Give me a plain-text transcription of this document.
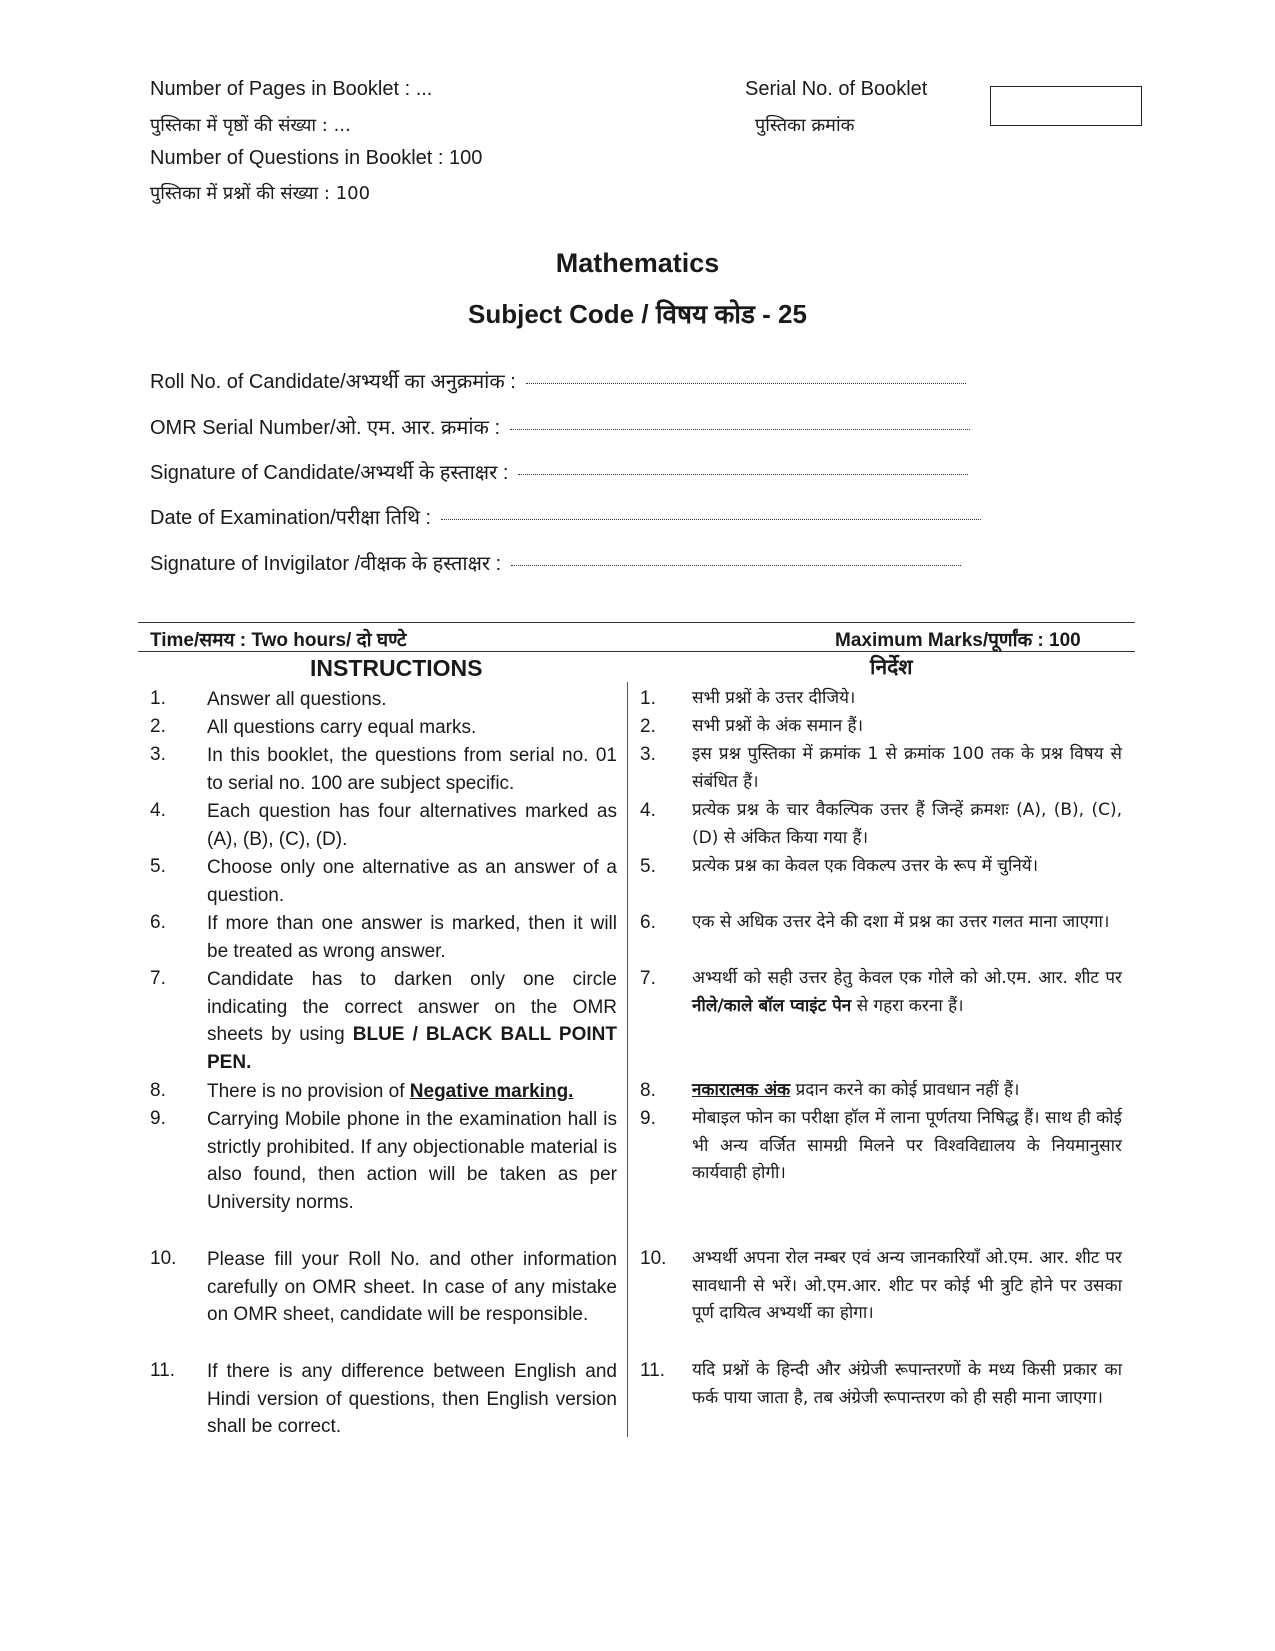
Number of Pages in Booklet : ...
पुस्तिका में पृष्ठों की संख्या : ...
Number of Questions in Booklet : 100
पुस्तिका में प्रश्नों की संख्या : 100
Serial No. of Booklet
पुस्तिका क्रमांक
Mathematics
Subject Code / विषय कोड - 25
Roll No. of Candidate/अभ्यर्थी का अनुक्रमांक :
OMR Serial Number/ओ. एम. आर. क्रमांक :
Signature of Candidate/अभ्यर्थी के हस्ताक्षर :
Date of Examination/परीक्षा तिथि :
Signature of Invigilator /वीक्षक के हस्ताक्षर :
Time/समय : Two hours/ दो घण्टे	Maximum Marks/पूर्णांक : 100
INSTRUCTIONS	निर्देश
1. Answer all questions.
2. All questions carry equal marks.
3. In this booklet, the questions from serial no. 01 to serial no. 100 are subject specific.
4. Each question has four alternatives marked as (A), (B), (C), (D).
5. Choose only one alternative as an answer of a question.
6. If more than one answer is marked, then it will be treated as wrong answer.
7. Candidate has to darken only one circle indicating the correct answer on the OMR sheets by using BLUE / BLACK BALL POINT PEN.
8. There is no provision of Negative marking.
9. Carrying Mobile phone in the examination hall is strictly prohibited. If any objectionable material is also found, then action will be taken as per University norms.
10. Please fill your Roll No. and other information carefully on OMR sheet. In case of any mistake on OMR sheet, candidate will be responsible.
11. If there is any difference between English and Hindi version of questions, then English version shall be correct.
1. सभी प्रश्नों के उत्तर दीजिये।
2. सभी प्रश्नों के अंक समान हैं।
3. इस प्रश्न पुस्तिका में क्रमांक 1 से क्रमांक 100 तक के प्रश्न विषय से संबंधित हैं।
4. प्रत्येक प्रश्न के चार वैकल्पिक उत्तर हैं जिन्हें क्रमशः (A), (B), (C), (D) से अंकित किया गया हैं।
5. प्रत्येक प्रश्न का केवल एक विकल्प उत्तर के रूप में चुनियें।
6. एक से अधिक उत्तर देने की दशा में प्रश्न का उत्तर गलत माना जाएगा।
7. अभ्यर्थी को सही उत्तर हेतु केवल एक गोले को ओ.एम. आर. शीट पर नीले/काले बॉल प्वाइंट पेन से गहरा करना हैं।
8. नकारात्मक अंक प्रदान करने का कोई प्रावधान नहीं हैं।
9. मोबाइल फोन का परीक्षा हॉल में लाना पूर्णतया निषिद्ध हैं। साथ ही कोई भी अन्य वर्जित सामग्री मिलने पर विश्वविद्यालय के नियमानुसार कार्यवाही होगी।
10. अभ्यर्थी अपना रोल नम्बर एवं अन्य जानकारियाँ ओ.एम. आर. शीट पर सावधानी से भरें। ओ.एम.आर. शीट पर कोई भी त्रुटि होने पर उसका पूर्ण दायित्व अभ्यर्थी का होगा।
11. यदि प्रश्नों के हिन्दी और अंग्रेजी रूपान्तरणों के मध्य किसी प्रकार का फर्क पाया जाता है, तब अंग्रेजी रूपान्तरण को ही सही माना जाएगा।
